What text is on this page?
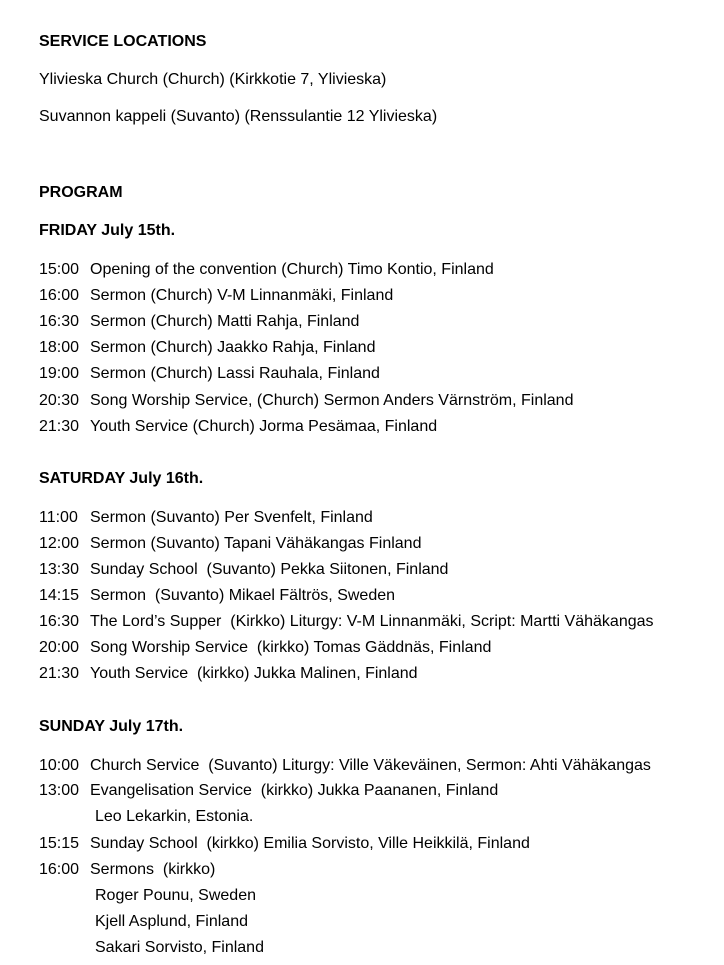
SERVICE LOCATIONS
Ylivieska Church (Church) (Kirkkotie 7, Ylivieska)
Suvannon kappeli (Suvanto) (Renssulantie 12 Ylivieska)
PROGRAM
FRIDAY July 15th.
15:00 Opening of the convention (Church) Timo Kontio, Finland
16:00 Sermon (Church) V-M Linnanmäki, Finland
16:30 Sermon (Church) Matti Rahja, Finland
18:00 Sermon (Church) Jaakko Rahja, Finland
19:00 Sermon (Church) Lassi Rauhala, Finland
20:30 Song Worship Service, (Church) Sermon Anders Värnström, Finland
21:30 Youth Service (Church) Jorma Pesämaa, Finland
SATURDAY July 16th.
11:00 Sermon (Suvanto) Per Svenfelt, Finland
12:00 Sermon (Suvanto) Tapani Vähäkangas Finland
13:30 Sunday School  (Suvanto) Pekka Siitonen, Finland
14:15 Sermon  (Suvanto) Mikael Fältrös, Sweden
16:30 The Lord’s Supper  (Kirkko) Liturgy: V-M Linnanmäki, Script: Martti Vähäkangas
20:00 Song Worship Service  (kirkko) Tomas Gäddnäs, Finland
21:30 Youth Service  (kirkko) Jukka Malinen, Finland
SUNDAY July 17th.
10:00 Church Service  (Suvanto) Liturgy: Ville Väkeväinen, Sermon: Ahti Vähäkangas
13:00 Evangelisation Service  (kirkko) Jukka Paananen, Finland
Leo Lekarkin, Estonia.
15:15 Sunday School  (kirkko) Emilia Sorvisto, Ville Heikkilä, Finland
16:00 Sermons  (kirkko)
Roger Pounu, Sweden
Kjell Asplund, Finland
Sakari Sorvisto, Finland
